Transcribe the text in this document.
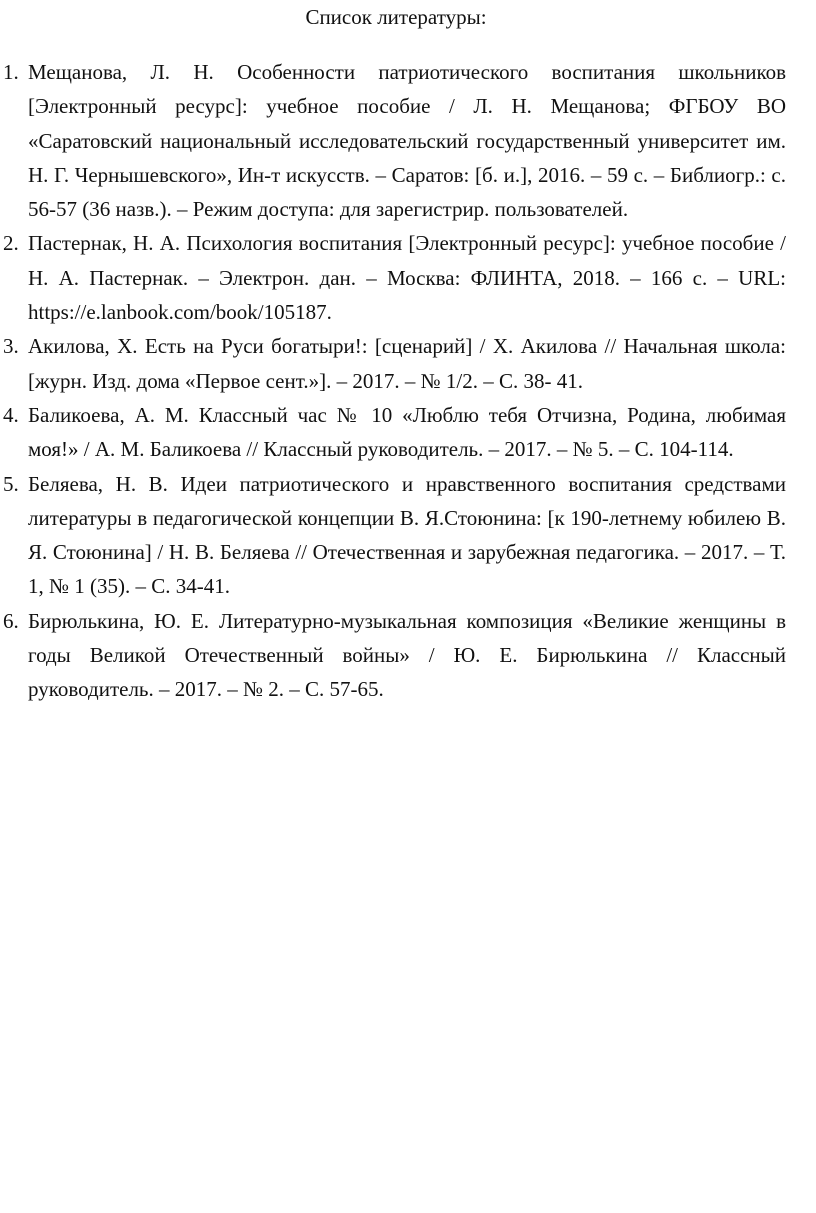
Список литературы:
1. Мещанова, Л. Н. Особенности патриотического воспитания школьников [Электронный ресурс]: учебное пособие / Л. Н. Мещанова; ФГБОУ ВО «Саратовский национальный исследовательский государственный университет им. Н. Г. Чернышевского», Ин-т искусств. – Саратов: [б. и.], 2016. – 59 с. – Библиогр.: с. 56-57 (36 назв.). – Режим доступа: для зарегистрир. пользователей.
2. Пастернак, Н. А. Психология воспитания [Электронный ресурс]: учебное пособие / Н. А. Пастернак. – Электрон. дан. – Москва: ФЛИНТА, 2018. – 166 с. – URL: https://e.lanbook.com/book/105187.
3. Акилова, Х. Есть на Руси богатыри!: [сценарий] / Х. Акилова // Начальная школа: [журн. Изд. дома «Первое сент.»]. – 2017. – № 1/2. – С. 38- 41.
4. Баликоева, А. М. Классный час № 10 «Люблю тебя Отчизна, Родина, любимая моя!» / А. М. Баликоева // Классный руководитель. – 2017. – № 5. – С. 104-114.
5. Беляева, Н. В. Идеи патриотического и нравственного воспитания средствами литературы в педагогической концепции В. Я.Стоюнина: [к 190-летнему юбилею В. Я. Стоюнина] / Н. В. Беляева // Отечественная и зарубежная педагогика. – 2017. – Т. 1, № 1 (35). – С. 34-41.
6. Бирюлькина, Ю. Е. Литературно-музыкальная композиция «Великие женщины в годы Великой Отечественный войны» / Ю. Е. Бирюлькина // Классный руководитель. – 2017. – № 2. – С. 57-65.
